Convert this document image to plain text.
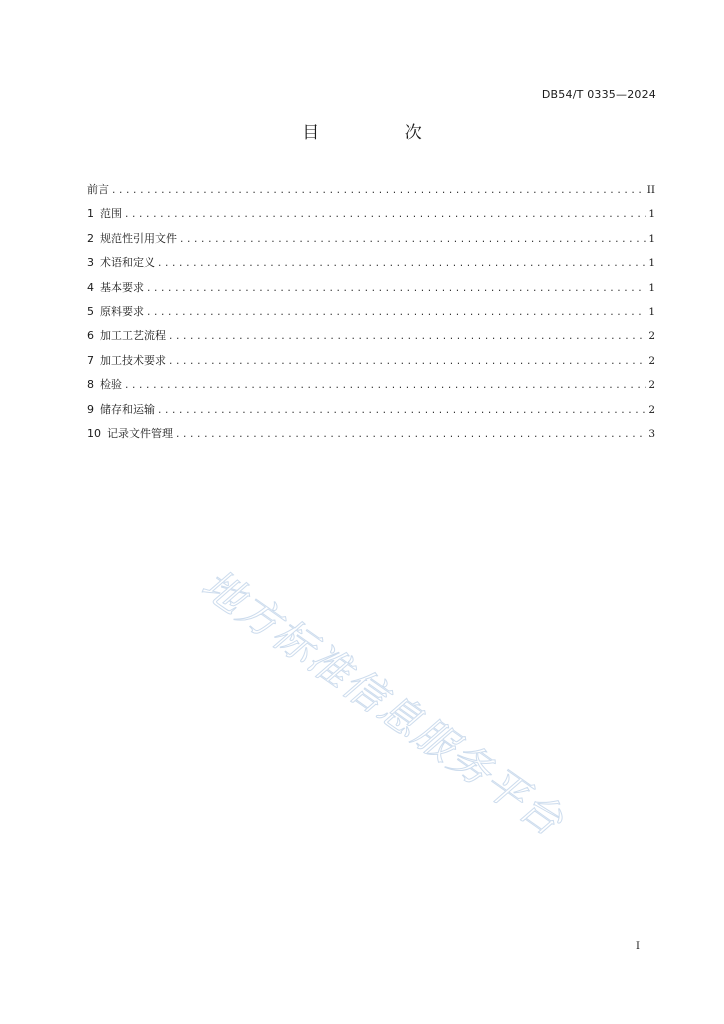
DB54/T 0335—2024
目 次
前言 .....	II
1 范围 .....	1
2 规范性引用文件 .....	1
3 术语和定义 .....	1
4 基本要求 .....	1
5 原料要求 .....	1
6 加工工艺流程 .....	2
7 加工技术要求 .....	2
8 检验 .....	2
9 储存和运输 .....	2
10 记录文件管理 .....	3
地方标准信息服务平台
I
